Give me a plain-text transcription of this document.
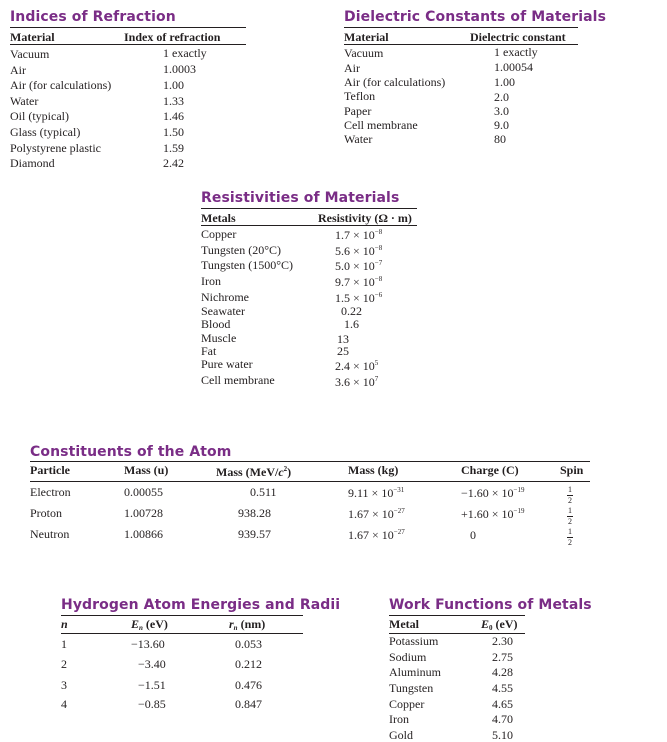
Indices of Refraction
Material	Index of refraction
Vacuum	1 exactly
Air	1.0003
Air (for calculations)	1.00
Water	1.33
Oil (typical)	1.46
Glass (typical)	1.50
Polystyrene plastic	1.59
Diamond	2.42
Dielectric Constants of Materials
Material	Dielectric constant
Vacuum	1 exactly
Air	1.00054
Air (for calculations)	1.00
Teflon	2.0
Paper	3.0
Cell membrane	9.0
Water	80
Resistivities of Materials
Metals	Resistivity (Ω · m)
Copper	$1.7 \times 10^{-8}$
Tungsten (20°C)	$5.6 \times 10^{-8}$
Tungsten (1500°C)	$5.0 \times 10^{-7}$
Iron	$9.7 \times 10^{-8}$
Nichrome	$1.5 \times 10^{-6}$
Seawater	0.22
Blood	1.6
Muscle	13
Fat	25
Pure water	$2.4 \times 10^5$
Cell membrane	$3.6 \times 10^7$
Constituents of the Atom
Particle	Mass (u)	Mass $(MeV/c^2)$	Mass (kg)	Charge (C)	Spin
Electron	0.00055	0.511	$9.11 \times 10^{-31}$	$-1.60 \times 10^{-19}$	$\frac{1}{2}$
Proton	1.00728	938.28	$1.67 \times 10^{-27}$	$+1.60 \times 10^{-19}$	$\frac{1}{2}$
Neutron	1.00866	939.57	$1.67 \times 10^{-27}$	0	$\frac{1}{2}$
Hydrogen Atom Energies and Radii
n	$E_n$ (eV)	$r_n$ (nm)
1	−13.60	0.053
2	−3.40	0.212
3	−1.51	0.476
4	−0.85	0.847
Work Functions of Metals
Metal	$E_0$ (eV)
Potassium	2.30
Sodium	2.75
Aluminum	4.28
Tungsten	4.55
Copper	4.65
Iron	4.70
Gold	5.10
